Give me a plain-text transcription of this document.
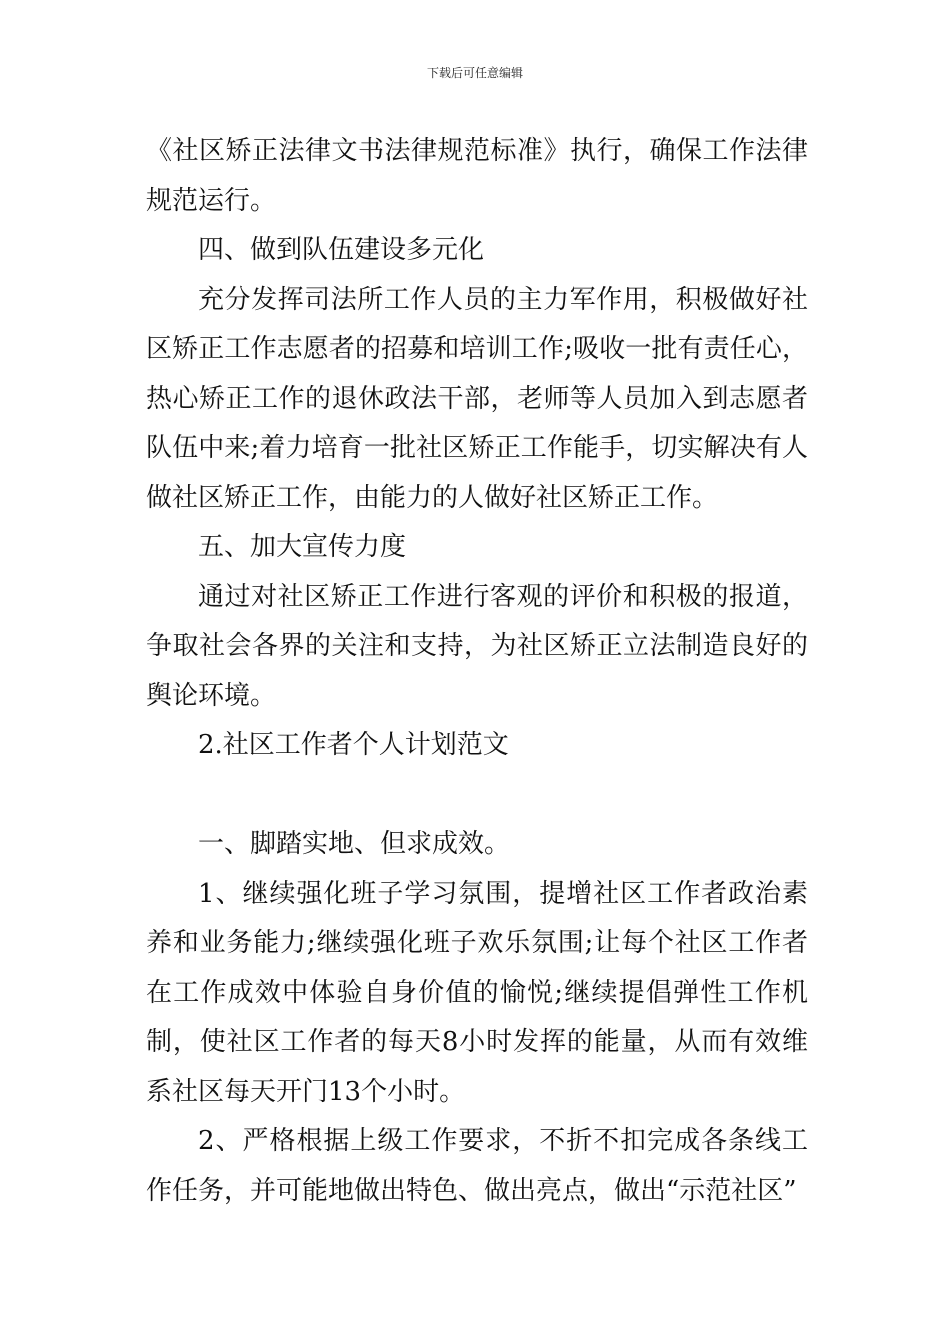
下载后可任意编辑

《社区矫正法律文书法律规范标准》执行，确保工作法律规范运行。

四、做到队伍建设多元化

充分发挥司法所工作人员的主力军作用，积极做好社区矫正工作志愿者的招募和培训工作;吸收一批有责任心，热心矫正工作的退休政法干部，老师等人员加入到志愿者队伍中来;着力培育一批社区矫正工作能手，切实解决有人做社区矫正工作，由能力的人做好社区矫正工作。

五、加大宣传力度

通过对社区矫正工作进行客观的评价和积极的报道，争取社会各界的关注和支持，为社区矫正立法制造良好的舆论环境。

2.社区工作者个人计划范文

一、脚踏实地、但求成效。

1、继续强化班子学习氛围，提增社区工作者政治素养和业务能力;继续强化班子欢乐氛围;让每个社区工作者在工作成效中体验自身价值的愉悦;继续提倡弹性工作机制，使社区工作者的每天8小时发挥的能量，从而有效维系社区每天开门13个小时。

2、严格根据上级工作要求，不折不扣完成各条线工作任务，并可能地做出特色、做出亮点，做出“示范社区”
